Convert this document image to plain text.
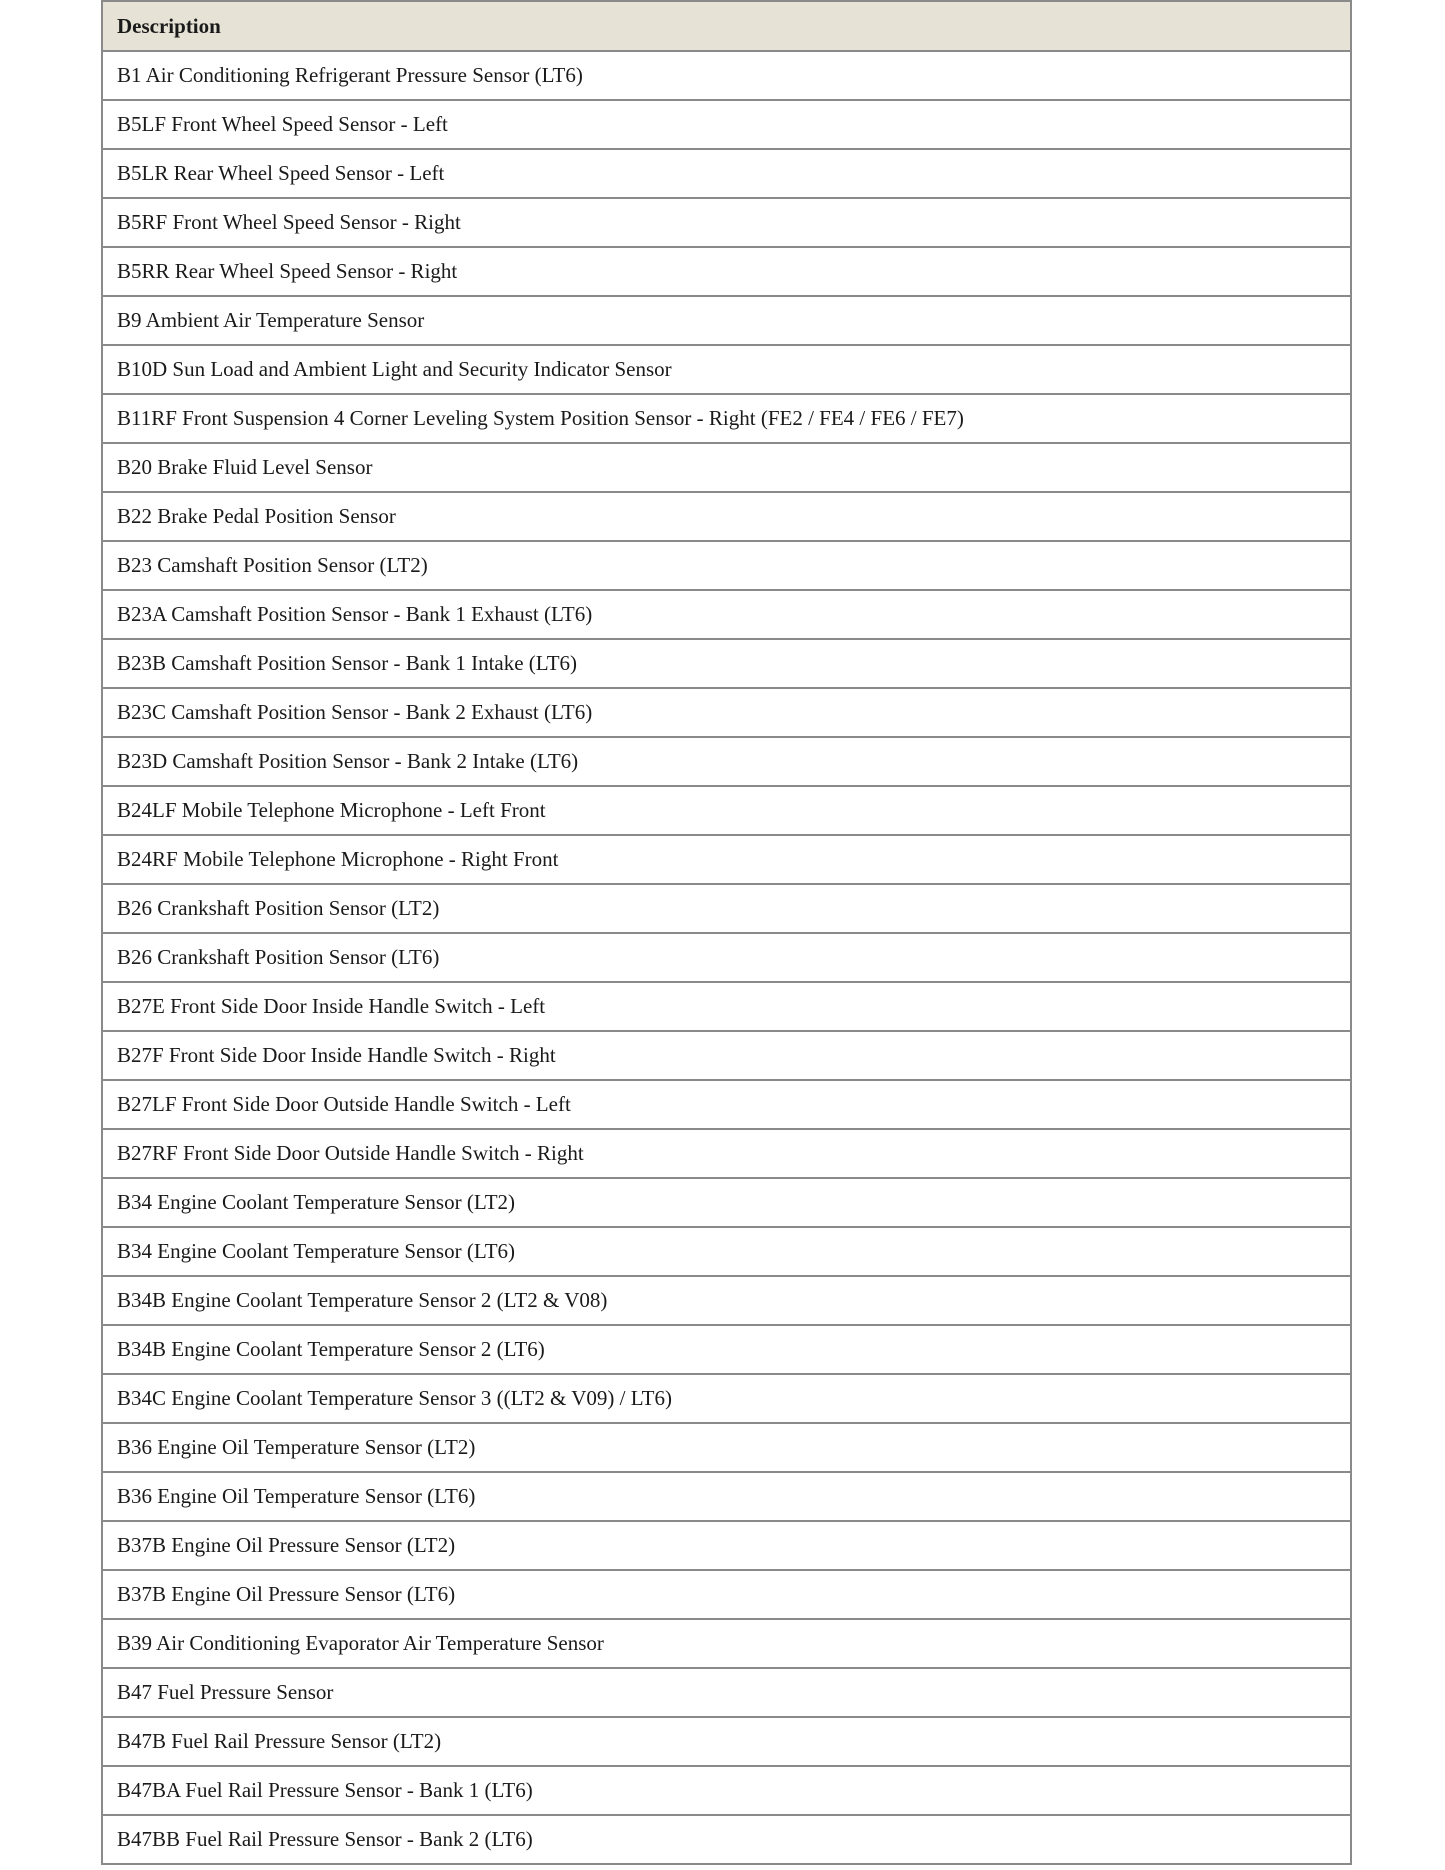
Description
B1 Air Conditioning Refrigerant Pressure Sensor (LT6)
B5LF Front Wheel Speed Sensor - Left
B5LR Rear Wheel Speed Sensor - Left
B5RF Front Wheel Speed Sensor - Right
B5RR Rear Wheel Speed Sensor - Right
B9 Ambient Air Temperature Sensor
B10D Sun Load and Ambient Light and Security Indicator Sensor
B11RF Front Suspension 4 Corner Leveling System Position Sensor - Right (FE2 / FE4 / FE6 / FE7)
B20 Brake Fluid Level Sensor
B22 Brake Pedal Position Sensor
B23 Camshaft Position Sensor (LT2)
B23A Camshaft Position Sensor - Bank 1 Exhaust (LT6)
B23B Camshaft Position Sensor - Bank 1 Intake (LT6)
B23C Camshaft Position Sensor - Bank 2 Exhaust (LT6)
B23D Camshaft Position Sensor - Bank 2 Intake (LT6)
B24LF Mobile Telephone Microphone - Left Front
B24RF Mobile Telephone Microphone - Right Front
B26 Crankshaft Position Sensor (LT2)
B26 Crankshaft Position Sensor (LT6)
B27E Front Side Door Inside Handle Switch - Left
B27F Front Side Door Inside Handle Switch - Right
B27LF Front Side Door Outside Handle Switch - Left
B27RF Front Side Door Outside Handle Switch - Right
B34 Engine Coolant Temperature Sensor (LT2)
B34 Engine Coolant Temperature Sensor (LT6)
B34B Engine Coolant Temperature Sensor 2 (LT2 & V08)
B34B Engine Coolant Temperature Sensor 2 (LT6)
B34C Engine Coolant Temperature Sensor 3 ((LT2 & V09) / LT6)
B36 Engine Oil Temperature Sensor (LT2)
B36 Engine Oil Temperature Sensor (LT6)
B37B Engine Oil Pressure Sensor (LT2)
B37B Engine Oil Pressure Sensor (LT6)
B39 Air Conditioning Evaporator Air Temperature Sensor
B47 Fuel Pressure Sensor
B47B Fuel Rail Pressure Sensor (LT2)
B47BA Fuel Rail Pressure Sensor - Bank 1 (LT6)
B47BB Fuel Rail Pressure Sensor - Bank 2 (LT6)
